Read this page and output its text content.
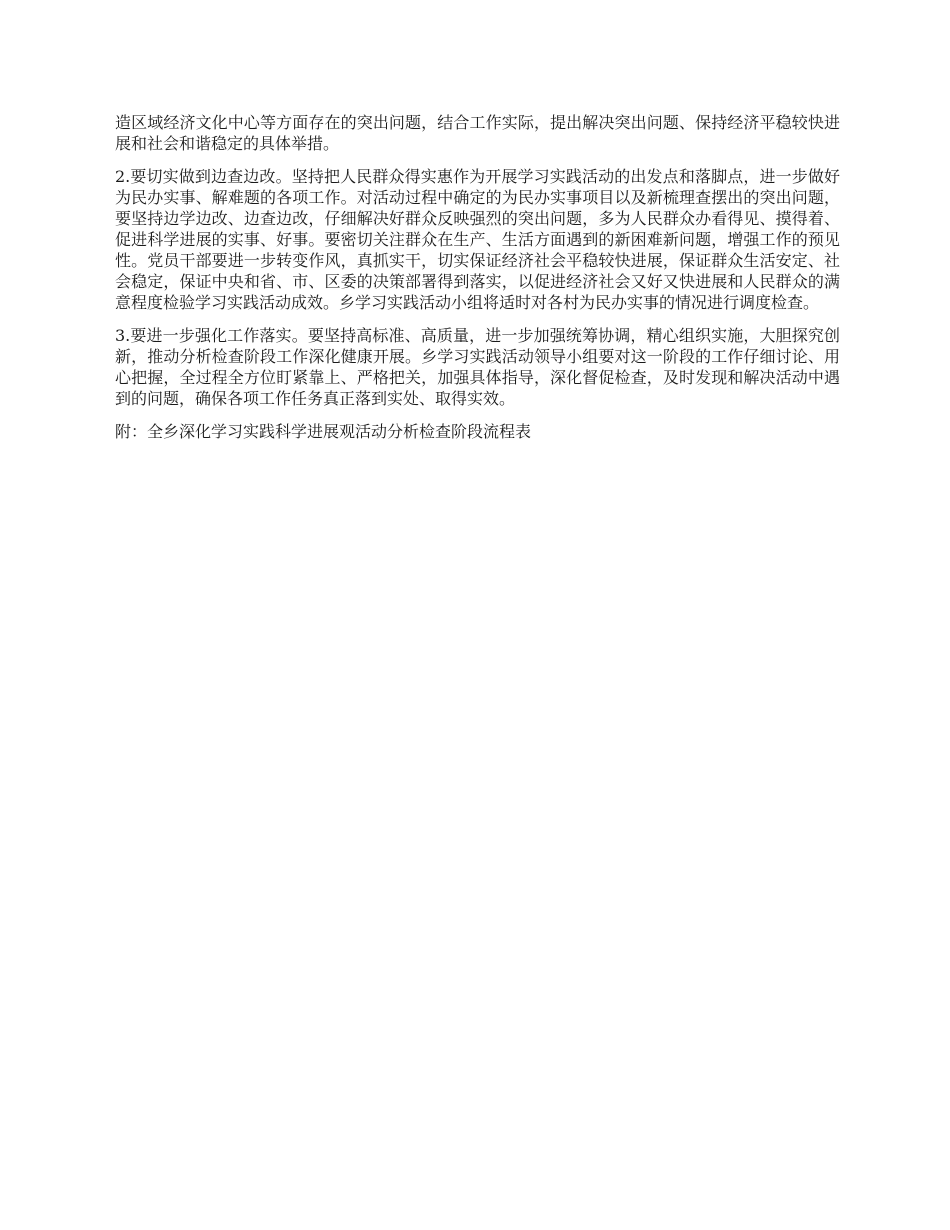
造区域经济文化中心等方面存在的突出问题，结合工作实际，提出解决突出问题、保持经济平稳较快进展和社会和谐稳定的具体举措。

2.要切实做到边查边改。坚持把人民群众得实惠作为开展学习实践活动的出发点和落脚点，进一步做好为民办实事、解难题的各项工作。对活动过程中确定的为民办实事项目以及新梳理查摆出的突出问题，要坚持边学边改、边查边改，仔细解决好群众反映强烈的突出问题，多为人民群众办看得见、摸得着、促进科学进展的实事、好事。要密切关注群众在生产、生活方面遇到的新困难新问题，增强工作的预见性。党员干部要进一步转变作风，真抓实干，切实保证经济社会平稳较快进展，保证群众生活安定、社会稳定，保证中央和省、市、区委的决策部署得到落实，以促进经济社会又好又快进展和人民群众的满意程度检验学习实践活动成效。乡学习实践活动小组将适时对各村为民办实事的情况进行调度检查。

3.要进一步强化工作落实。要坚持高标准、高质量，进一步加强统筹协调，精心组织实施，大胆探究创新，推动分析检查阶段工作深化健康开展。乡学习实践活动领导小组要对这一阶段的工作仔细讨论、用心把握，全过程全方位盯紧靠上、严格把关，加强具体指导，深化督促检查，及时发现和解决活动中遇到的问题，确保各项工作任务真正落到实处、取得实效。

附：全乡深化学习实践科学进展观活动分析检查阶段流程表
